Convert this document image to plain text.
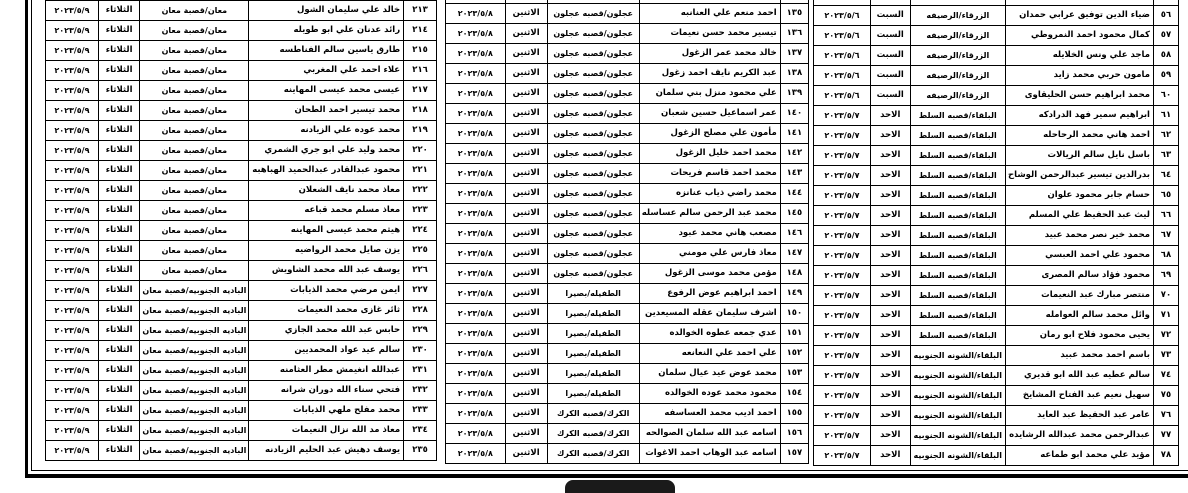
٢١٣	خالد علي سليمان الشول	معان/قصبة معان	الثلاثاء	٢٠٢٣/٥/٩
٢١٤	رائد عدنان علي ابو طويله	معان/قصبة معان	الثلاثاء	٢٠٢٣/٥/٩
٢١٥	طارق ياسين سالم الفناطسه	معان/قصبة معان	الثلاثاء	٢٠٢٣/٥/٩
٢١٦	علاء احمد علي المغربي	معان/قصبة معان	الثلاثاء	٢٠٢٣/٥/٩
٢١٧	عيسى محمد عيسى المهاينه	معان/قصبة معان	الثلاثاء	٢٠٢٣/٥/٩
٢١٨	محمد تيسير احمد الطحان	معان/قصبة معان	الثلاثاء	٢٠٢٣/٥/٩
٢١٩	محمد عوده علي الزيادنه	معان/قصبة معان	الثلاثاء	٢٠٢٣/٥/٩
٢٢٠	محمد وليد علي ابو جري الشمري	معان/قصبة معان	الثلاثاء	٢٠٢٣/٥/٩
٢٢١	محمود عبدالقادر عبدالحميد الهباهبه	معان/قصبة معان	الثلاثاء	٢٠٢٣/٥/٩
٢٢٢	معاذ محمد نايف الشعلان	معان/قصبة معان	الثلاثاء	٢٠٢٣/٥/٩
٢٢٣	معاذ مسلم محمد قباعه	معان/قصبة معان	الثلاثاء	٢٠٢٣/٥/٩
٢٢٤	هيثم محمد عيسى المهاينه	معان/قصبة معان	الثلاثاء	٢٠٢٣/٥/٩
٢٢٥	يزن صايل محمد الرواضيه	معان/قصبة معان	الثلاثاء	٢٠٢٣/٥/٩
٢٢٦	يوسف عبد الله محمد الشاويش	معان/قصبة معان	الثلاثاء	٢٠٢٣/٥/٩
٢٢٧	ايمن مرضي محمد الذيابات	الباديه الجنوبيه/قصبة معان	الثلاثاء	٢٠٢٣/٥/٩
٢٢٨	ثائر غازى محمد النعيمات	الباديه الجنوبيه/قصبة معان	الثلاثاء	٢٠٢٣/٥/٩
٢٢٩	حابس عبد الله محمد الجازي	الباديه الجنوبيه/قصبة معان	الثلاثاء	٢٠٢٣/٥/٩
٢٣٠	سالم عيد عواد المحمديين	الباديه الجنوبيه/قصبة معان	الثلاثاء	٢٠٢٣/٥/٩
٢٣١	عبدالله انغيمش مطر العثامنه	الباديه الجنوبيه/قصبة معان	الثلاثاء	٢٠٢٣/٥/٩
٢٣٢	فتحي سناء الله دوران شرانه	الباديه الجنوبيه/قصبة معان	الثلاثاء	٢٠٢٣/٥/٩
٢٣٣	محمد مفلح ملهي الذيابات	الباديه الجنوبيه/قصبة معان	الثلاثاء	٢٠٢٣/٥/٩
٢٣٤	معاذ مد الله نزال النعيمات	الباديه الجنوبيه/قصبة معان	الثلاثاء	٢٠٢٣/٥/٩
٢٣٥	يوسف دهيش عبد الحليم الزيادنه	الباديه الجنوبيه/قصبة معان	الثلاثاء	٢٠٢٣/٥/٩

١٣٥	احمد منعم علي العنانبه	عجلون/قصبه عجلون	الاثنين	٢٠٢٣/٥/٨
١٣٦	تيسير محمد حسن نعيمات	عجلون/قصبه عجلون	الاثنين	٢٠٢٣/٥/٨
١٣٧	خالد محمد عمر الزغول	عجلون/قصبه عجلون	الاثنين	٢٠٢٣/٥/٨
١٣٨	عبد الكريم نايف احمد زغول	عجلون/قصبه عجلون	الاثنين	٢٠٢٣/٥/٨
١٣٩	علي محمود منزل بني سلمان	عجلون/قصبه عجلون	الاثنين	٢٠٢٣/٥/٨
١٤٠	عمر اسماعيل حسين شعبان	عجلون/قصبه عجلون	الاثنين	٢٠٢٣/٥/٨
١٤١	مأمون علي مصلح الزغول	عجلون/قصبه عجلون	الاثنين	٢٠٢٣/٥/٨
١٤٢	محمد احمد خليل الزغول	عجلون/قصبه عجلون	الاثنين	٢٠٢٣/٥/٨
١٤٣	محمد احمد قاسم فريحات	عجلون/قصبه عجلون	الاثنين	٢٠٢٣/٥/٨
١٤٤	محمد راضي ذياب عنانزه	عجلون/قصبه عجلون	الاثنين	٢٠٢٣/٥/٨
١٤٥	محمد عبد الرحمن سالم عساسله	عجلون/قصبه عجلون	الاثنين	٢٠٢٣/٥/٨
١٤٦	مصعب هاني محمد عبود	عجلون/قصبه عجلون	الاثنين	٢٠٢٣/٥/٨
١٤٧	معاذ فارس علي مومني	عجلون/قصبه عجلون	الاثنين	٢٠٢٣/٥/٨
١٤٨	مؤمن محمد موسى الزغول	عجلون/قصبه عجلون	الاثنين	٢٠٢٣/٥/٨
١٤٩	احمد ابراهيم عوض الرفوع	الطفيله/بصيرا	الاثنين	٢٠٢٣/٥/٨
١٥٠	اشرف سليمان عقله المسيعدين	الطفيله/بصيرا	الاثنين	٢٠٢٣/٥/٨
١٥١	عدي جمعه عطوه الخوالده	الطفيله/بصيرا	الاثنين	٢٠٢٣/٥/٨
١٥٢	علي احمد علي النعانعه	الطفيله/بصيرا	الاثنين	٢٠٢٣/٥/٨
١٥٣	محمد عوض عيد عيال سلمان	الطفيله/بصيرا	الاثنين	٢٠٢٣/٥/٨
١٥٤	محمود محمد عوده الخوالده	الطفيله/بصيرا	الاثنين	٢٠٢٣/٥/٨
١٥٥	احمد اديب محمد العساسفه	الكرك/قصبه الكرك	الاثنين	٢٠٢٣/٥/٨
١٥٦	اسامه عبد الله سلمان الصوالحه	الكرك/قصبه الكرك	الاثنين	٢٠٢٣/٥/٨
١٥٧	اسامه عبد الوهاب احمد الاغوات	الكرك/قصبه الكرك	الاثنين	٢٠٢٣/٥/٨

٥٦	ضياء الدين توفيق عرابي حمدان	الزرقاء/الرصيفه	السبت	٢٠٢٣/٥/٦
٥٧	كمال محمود احمد النمروطي	الزرقاء/الرصيفه	السبت	٢٠٢٣/٥/٦
٥٨	ماجد علي ونس الخلايله	الزرقاء/الرصيفه	السبت	٢٠٢٣/٥/٦
٥٩	مامون حربي محمد زايد	الزرقاء/الرصيفه	السبت	٢٠٢٣/٥/٦
٦٠	محمد ابراهيم حسن الحليقاوى	الزرقاء/الرصيفه	السبت	٢٠٢٣/٥/٦
٦١	ابراهيم سمير فهد الدرادكه	البلقاء/قصبه السلط	الاحد	٢٠٢٣/٥/٧
٦٢	احمد هاني محمد الرحاحله	البلقاء/قصبه السلط	الاحد	٢٠٢٣/٥/٧
٦٣	باسل نايل سالم الريالات	البلقاء/قصبه السلط	الاحد	٢٠٢٣/٥/٧
٦٤	بدرالدين تيسير عبدالرحمن الوشاح	البلقاء/قصبه السلط	الاحد	٢٠٢٣/٥/٧
٦٥	حسام جابر محمود علوان	البلقاء/قصبه السلط	الاحد	٢٠٢٣/٥/٧
٦٦	ليث عبد الحفيظ علي المسلم	البلقاء/قصبه السلط	الاحد	٢٠٢٣/٥/٧
٦٧	محمد خير نصر محمد عبيد	البلقاء/قصبه السلط	الاحد	٢٠٢٣/٥/٧
٦٨	محمود علي احمد العبسي	البلقاء/قصبه السلط	الاحد	٢٠٢٣/٥/٧
٦٩	محمود فؤاد سالم المصرى	البلقاء/قصبه السلط	الاحد	٢٠٢٣/٥/٧
٧٠	منتصر مبارك عبد النعيمات	البلقاء/قصبه السلط	الاحد	٢٠٢٣/٥/٧
٧١	وائل محمد سالم العوامله	البلقاء/قصبه السلط	الاحد	٢٠٢٣/٥/٧
٧٢	يحيى محمود فلاح ابو رمان	البلقاء/قصبه السلط	الاحد	٢٠٢٣/٥/٧
٧٣	باسم احمد محمد عبيد	البلقاء/الشونه الجنوبيه	الاحد	٢٠٢٣/٥/٧
٧٤	سالم عطيه عبد الله ابو قديري	البلقاء/الشونه الجنوبيه	الاحد	٢٠٢٣/٥/٧
٧٥	سهيل نعيم عبد الفتاح المشايخ	البلقاء/الشونه الجنوبيه	الاحد	٢٠٢٣/٥/٧
٧٦	عامر عبد الحفيظ عبد العايد	البلقاء/الشونه الجنوبيه	الاحد	٢٠٢٣/٥/٧
٧٧	عبدالرحمن محمد عبدالله الرشايده	البلقاء/الشونه الجنوبيه	الاحد	٢٠٢٣/٥/٧
٧٨	مؤيد علي محمد ابو طماعه	البلقاء/الشونه الجنوبيه	الاحد	٢٠٢٣/٥/٧
